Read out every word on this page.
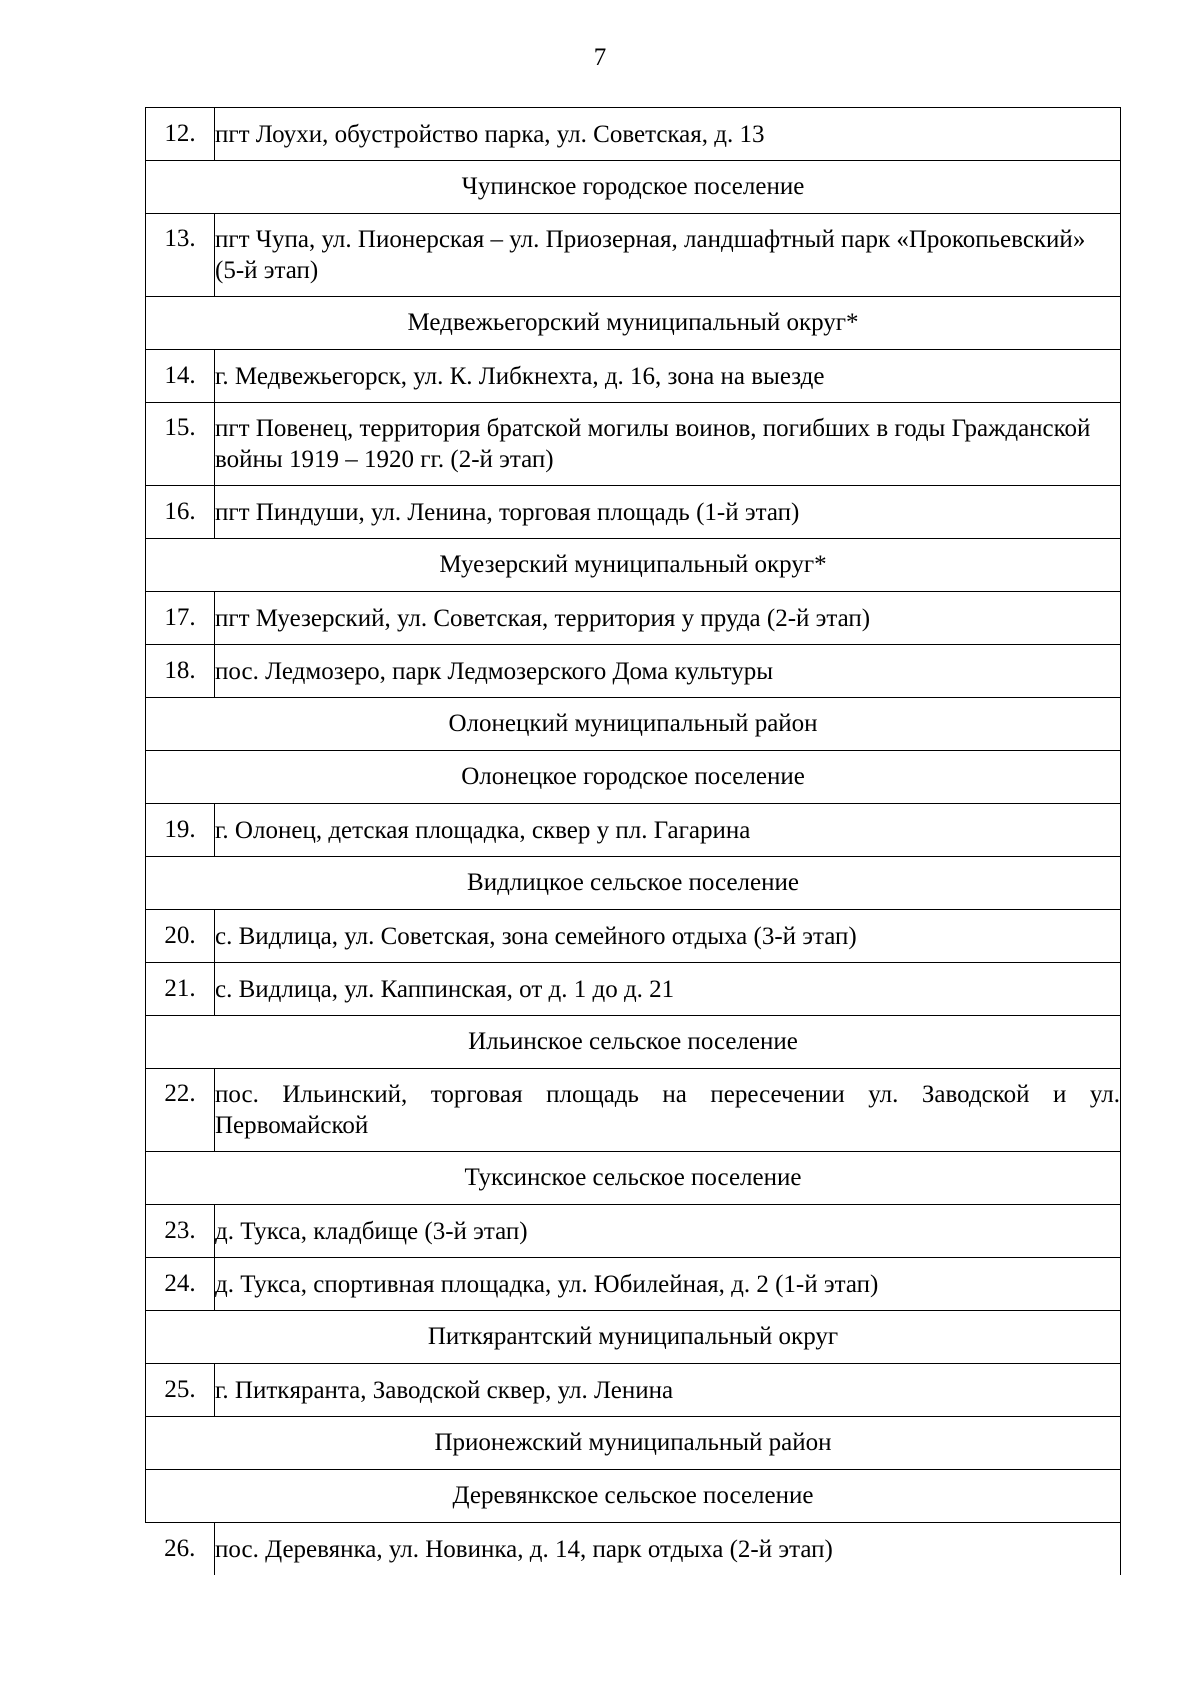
7
12.	пгт Лоухи, обустройство парка, ул. Советская, д. 13
Чупинское городское поселение	
13.	пгт Чупа, ул. Пионерская – ул. Приозерная, ландшафтный парк «Прокопьевский» (5-й этап)
Медвежьегорский муниципальный округ*	
14.	г. Медвежьегорск, ул. К. Либкнехта, д. 16, зона на выезде
15.	пгт Повенец, территория братской могилы воинов, погибших в годы Гражданской войны 1919 – 1920 гг. (2-й этап)
16.	пгт Пиндуши, ул. Ленина, торговая площадь (1-й этап)
Муезерский муниципальный округ*	
17.	пгт Муезерский, ул. Советская, территория у пруда (2-й этап)
18.	пос. Ледмозеро, парк Ледмозерского Дома культуры
Олонецкий муниципальный район	
Олонецкое городское поселение	
19.	г. Олонец, детская площадка, сквер у пл. Гагарина
Видлицкое сельское поселение	
20.	с. Видлица, ул. Советская, зона семейного отдыха (3-й этап)
21.	с. Видлица, ул. Каппинская, от д. 1 до д. 21
Ильинское сельское поселение	
22.	пос. Ильинский, торговая площадь на пересечении ул. Заводской и ул. Первомайской
Туксинское сельское поселение	
23.	д. Тукса, кладбище (3-й этап)
24.	д. Тукса, спортивная площадка, ул. Юбилейная, д. 2 (1-й этап)
Питкярантский муниципальный округ	
25.	г. Питкяранта, Заводской сквер, ул. Ленина
Прионежский муниципальный район	
Деревянкское сельское поселение	
26.	пос. Деревянка, ул. Новинка, д. 14, парк отдыха (2-й этап)
